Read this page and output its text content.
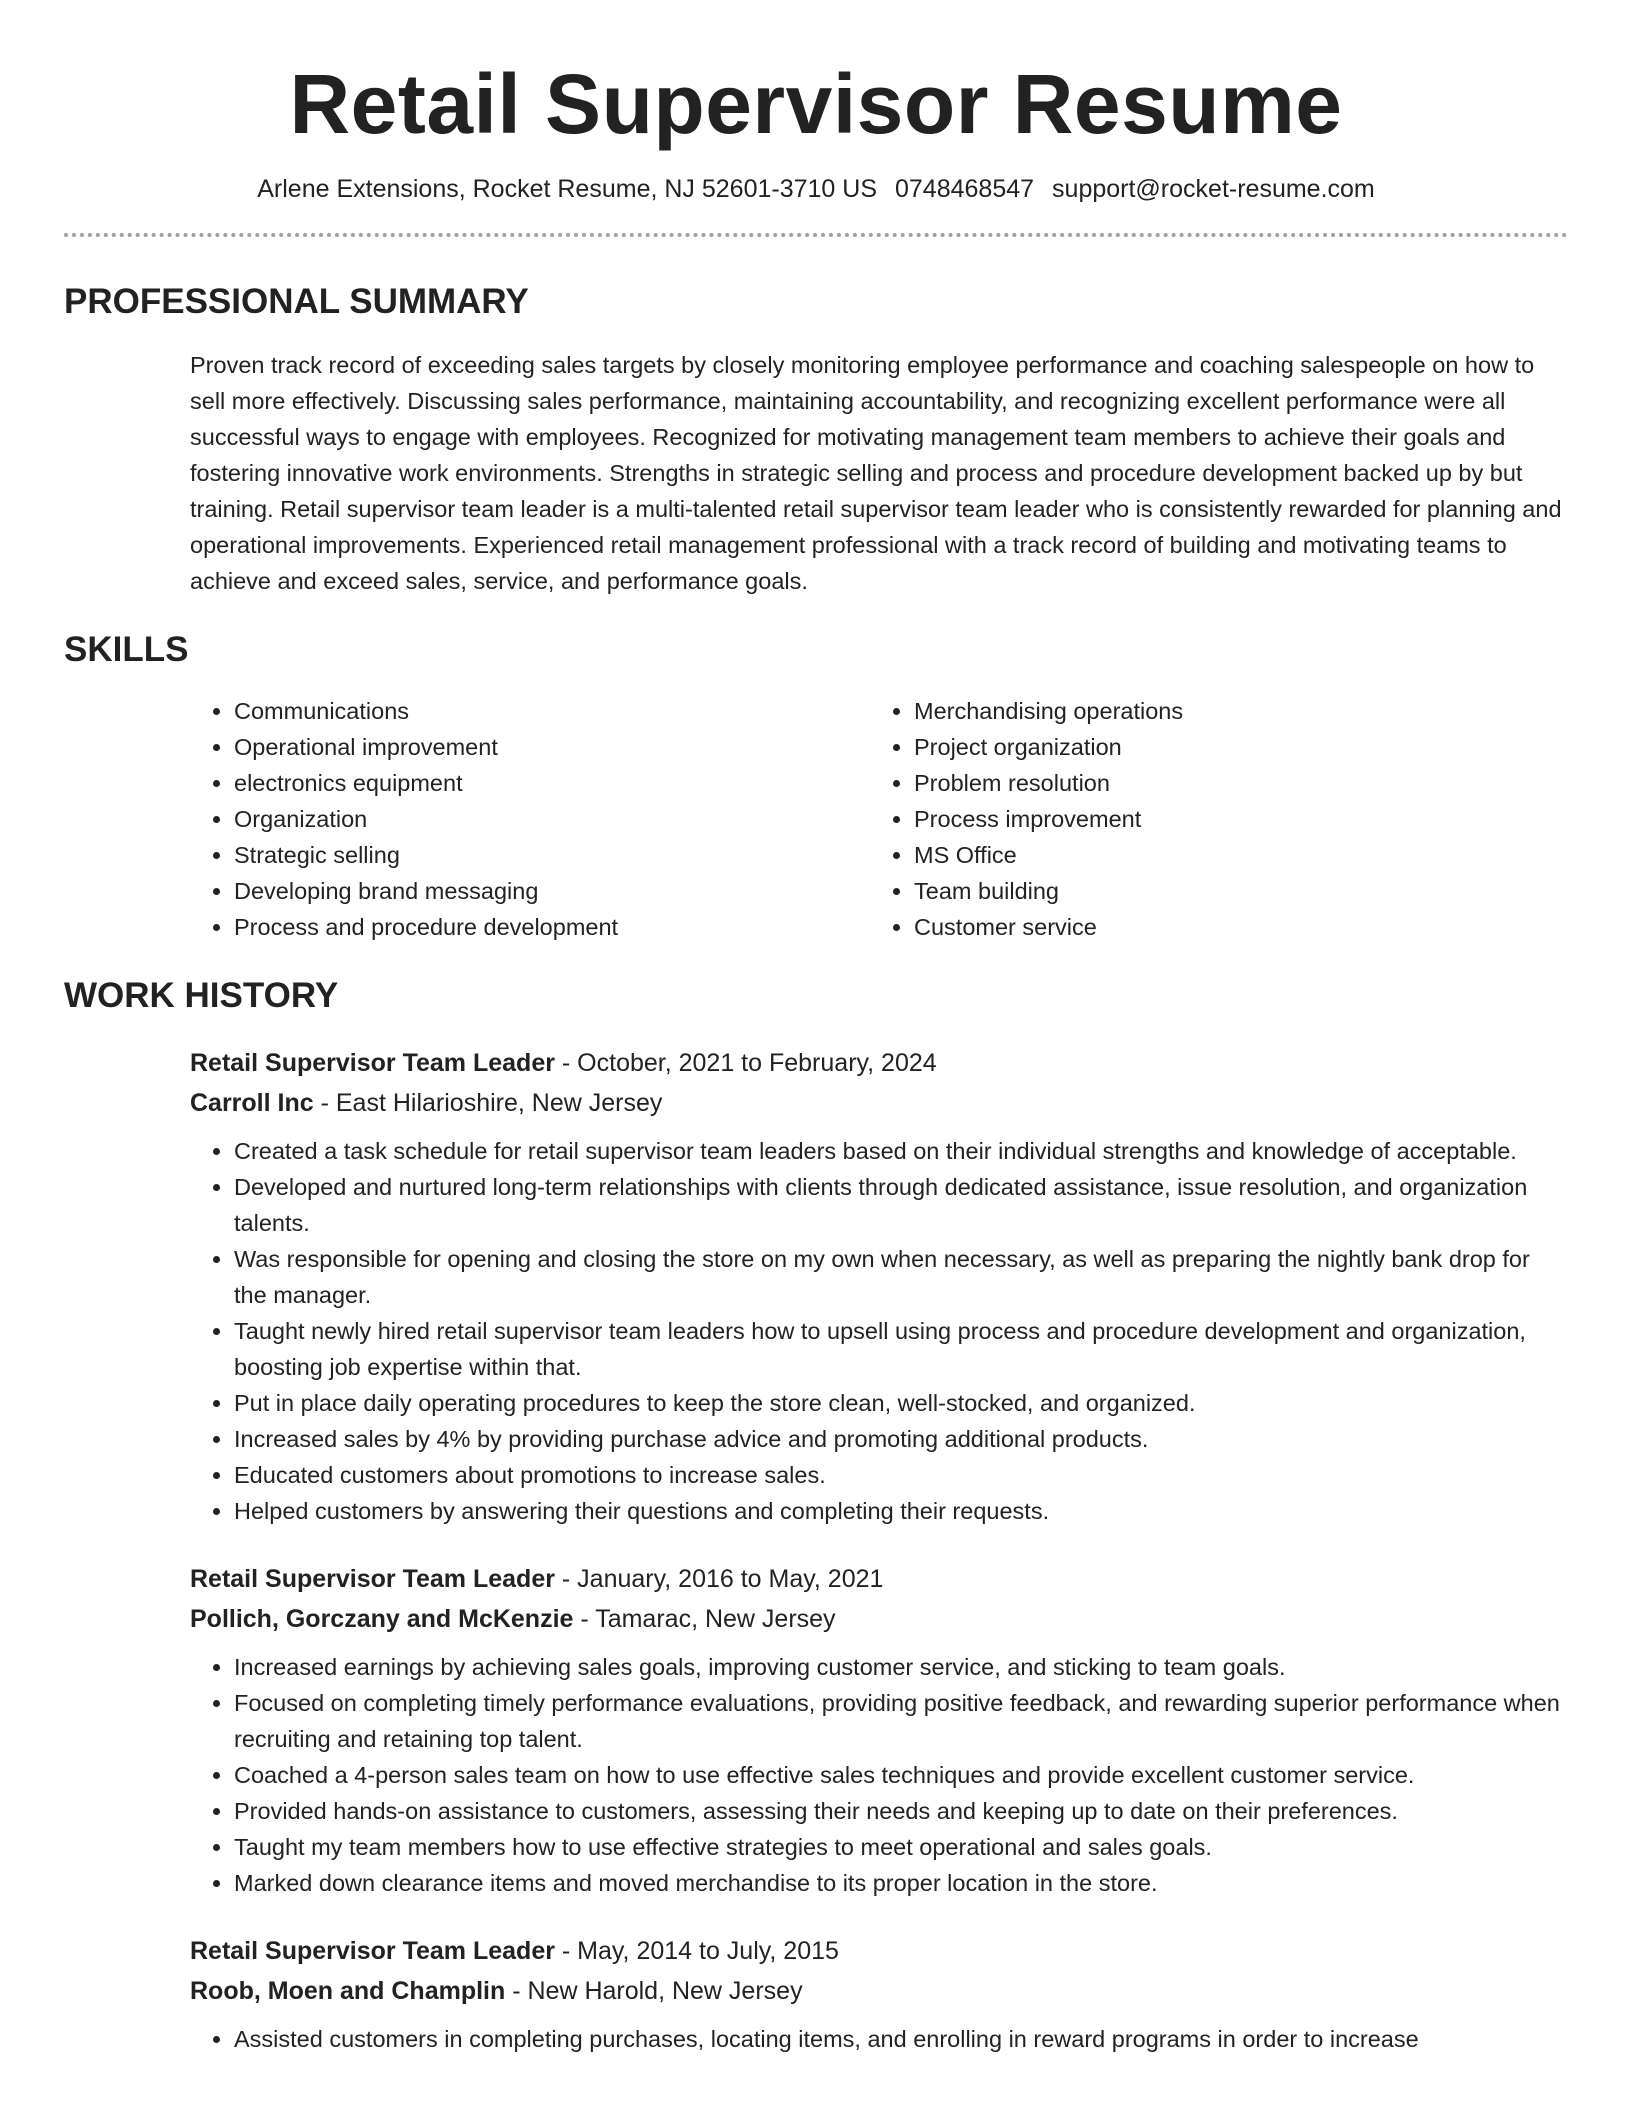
Retail Supervisor Resume
Arlene Extensions, Rocket Resume, NJ 52601-3710 US 0748468547 support@rocket-resume.com
PROFESSIONAL SUMMARY

Proven track record of exceeding sales targets by closely monitoring employee performance and coaching salespeople on how to sell more effectively. Discussing sales performance, maintaining accountability, and recognizing excellent performance were all successful ways to engage with employees. Recognized for motivating management team members to achieve their goals and fostering innovative work environments. Strengths in strategic selling and process and procedure development backed up by but training. Retail supervisor team leader is a multi-talented retail supervisor team leader who is consistently rewarded for planning and operational improvements. Experienced retail management professional with a track record of building and motivating teams to achieve and exceed sales, service, and performance goals.

SKILLS
• Communications
• Operational improvement
• electronics equipment
• Organization
• Strategic selling
• Developing brand messaging
• Process and procedure development
• Merchandising operations
• Project organization
• Problem resolution
• Process improvement
• MS Office
• Team building
• Customer service
WORK HISTORY
Retail Supervisor Team Leader - October, 2021 to February, 2024
Carroll Inc - East Hilarioshire, New Jersey
• Created a task schedule for retail supervisor team leaders based on their individual strengths and knowledge of acceptable.
• Developed and nurtured long-term relationships with clients through dedicated assistance, issue resolution, and organization talents.
• Was responsible for opening and closing the store on my own when necessary, as well as preparing the nightly bank drop for the manager.
• Taught newly hired retail supervisor team leaders how to upsell using process and procedure development and organization, boosting job expertise within that.
• Put in place daily operating procedures to keep the store clean, well-stocked, and organized.
• Increased sales by 4% by providing purchase advice and promoting additional products.
• Educated customers about promotions to increase sales.
• Helped customers by answering their questions and completing their requests.
Retail Supervisor Team Leader - January, 2016 to May, 2021
Pollich, Gorczany and McKenzie - Tamarac, New Jersey
• Increased earnings by achieving sales goals, improving customer service, and sticking to team goals.
• Focused on completing timely performance evaluations, providing positive feedback, and rewarding superior performance when recruiting and retaining top talent.
• Coached a 4-person sales team on how to use effective sales techniques and provide excellent customer service.
• Provided hands-on assistance to customers, assessing their needs and keeping up to date on their preferences.
• Taught my team members how to use effective strategies to meet operational and sales goals.
• Marked down clearance items and moved merchandise to its proper location in the store.
Retail Supervisor Team Leader - May, 2014 to July, 2015
Roob, Moen and Champlin - New Harold, New Jersey
• Assisted customers in completing purchases, locating items, and enrolling in reward programs in order to increase
